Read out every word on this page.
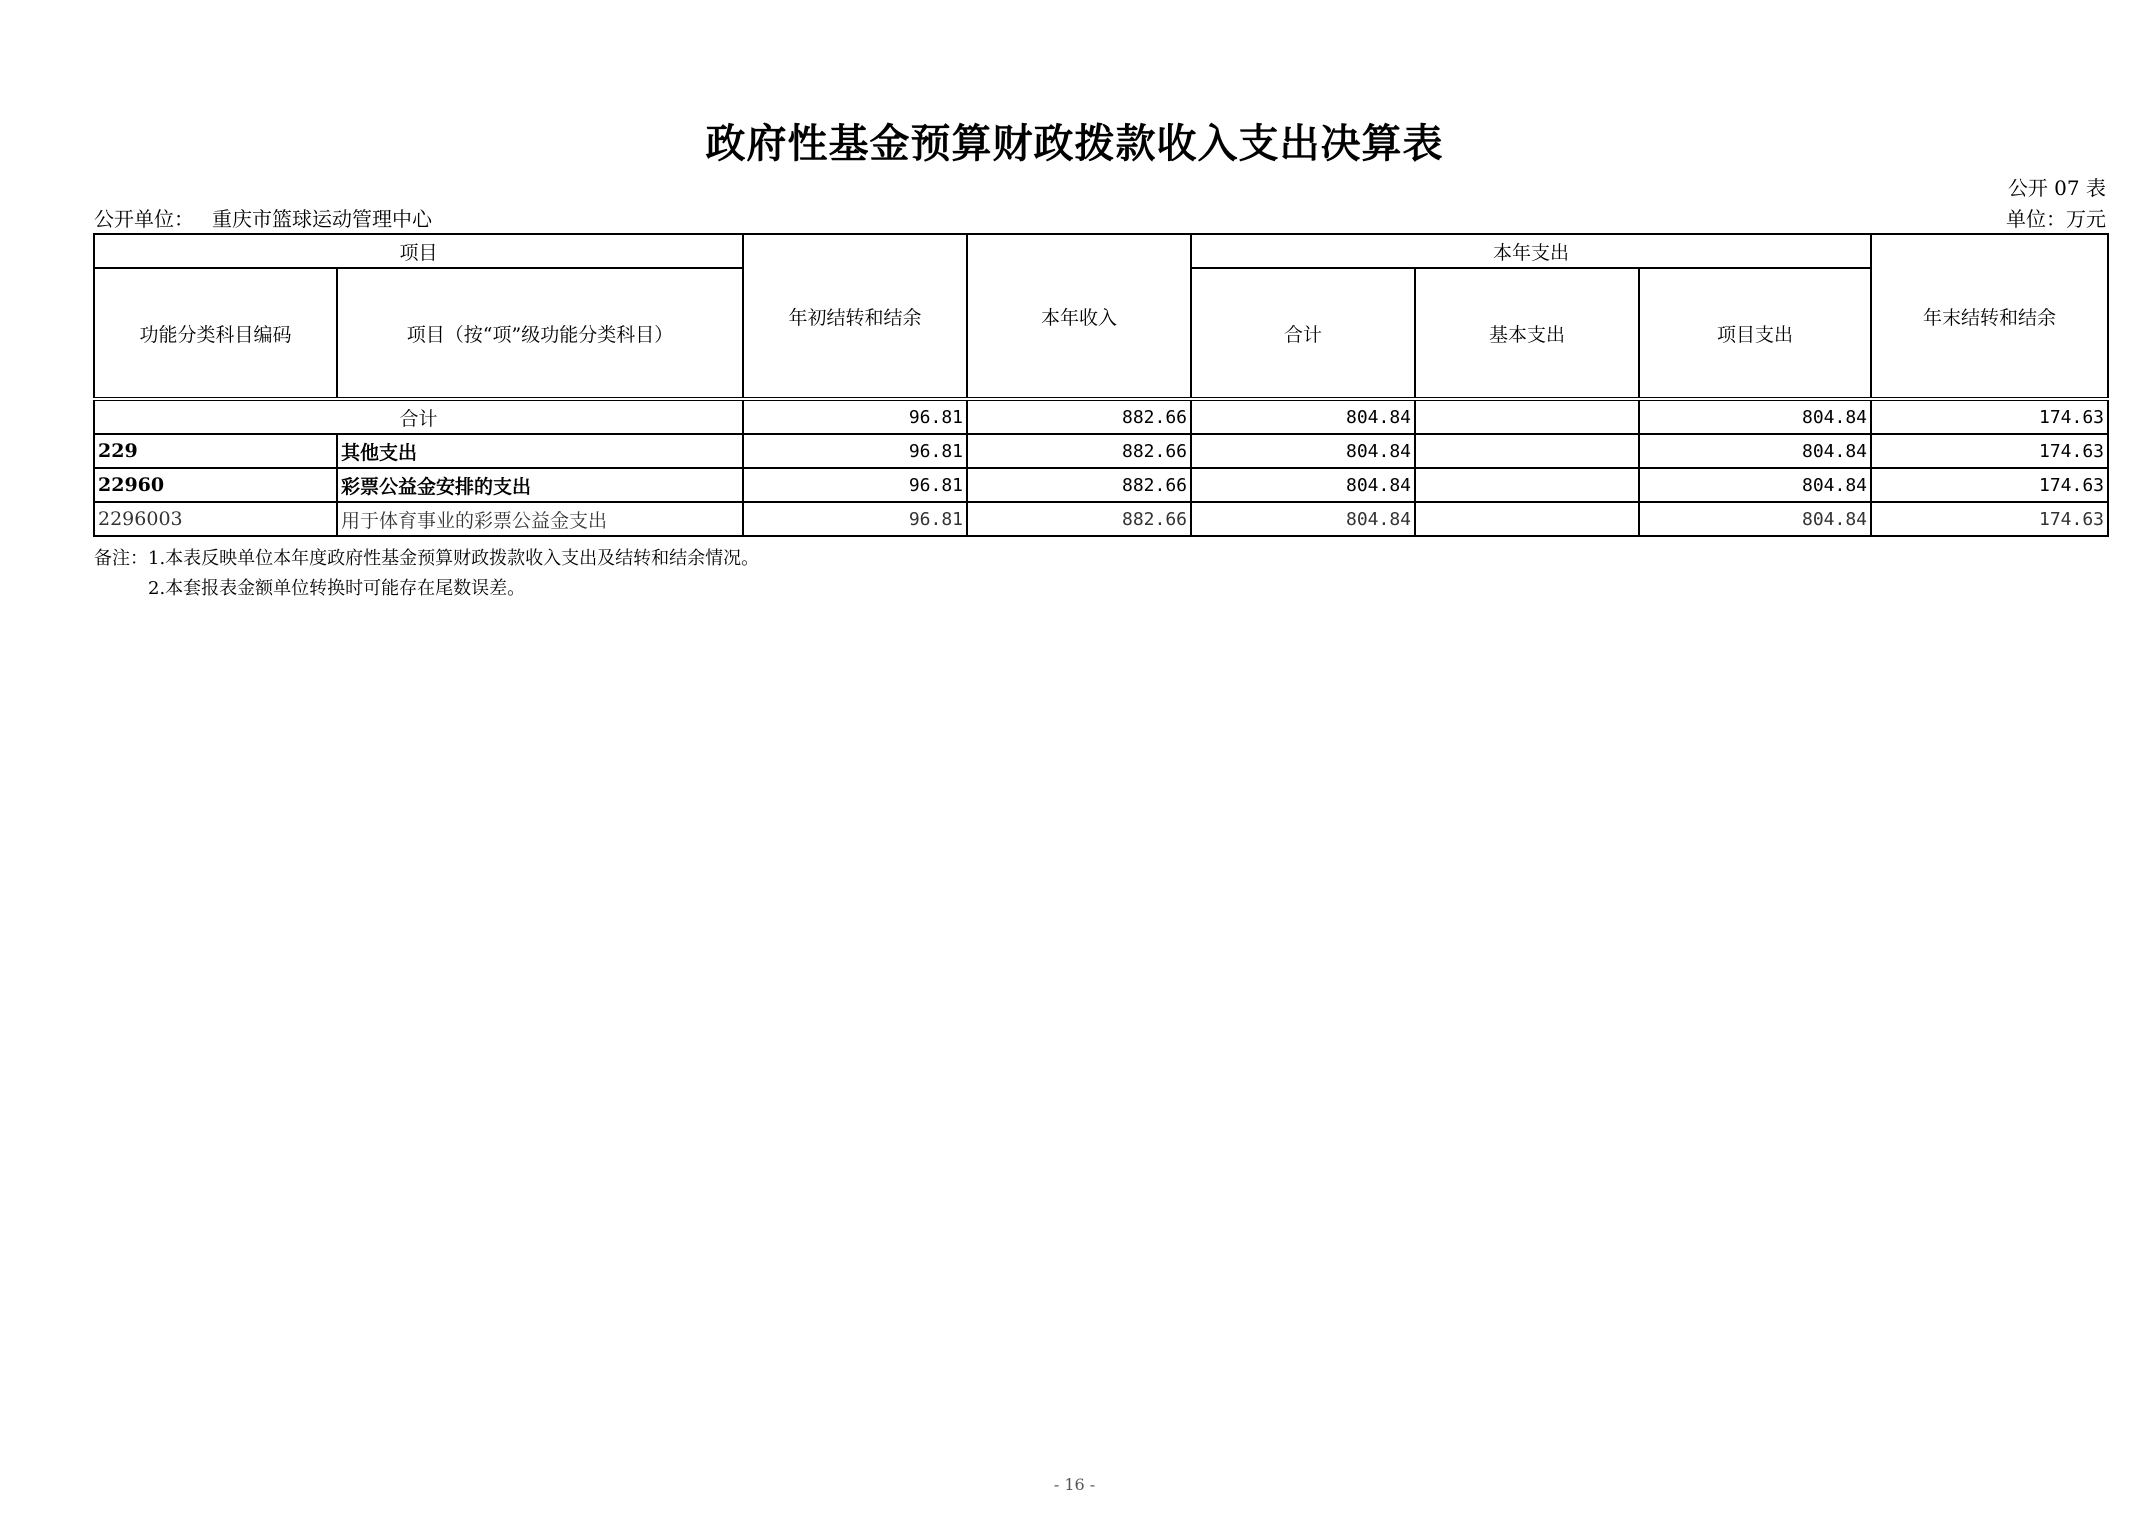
政府性基金预算财政拨款收入支出决算表
公开 07 表
公开单位： 重庆市篮球运动管理中心	单位：万元
项目		年初结转和结余	本年收入	本年支出			年末结转和结余
功能分类科目编码	项目（按“项”级功能分类科目）			合计	基本支出	项目支出	
合计		96.81	882.66	804.84		804.84	174.63
229	其他支出	96.81	882.66	804.84		804.84	174.63
22960	彩票公益金安排的支出	96.81	882.66	804.84		804.84	174.63
2296003	用于体育事业的彩票公益金支出	96.81	882.66	804.84		804.84	174.63
备注：1.本表反映单位本年度政府性基金预算财政拨款收入支出及结转和结余情况。
2.本套报表金额单位转换时可能存在尾数误差。
- 16 -
